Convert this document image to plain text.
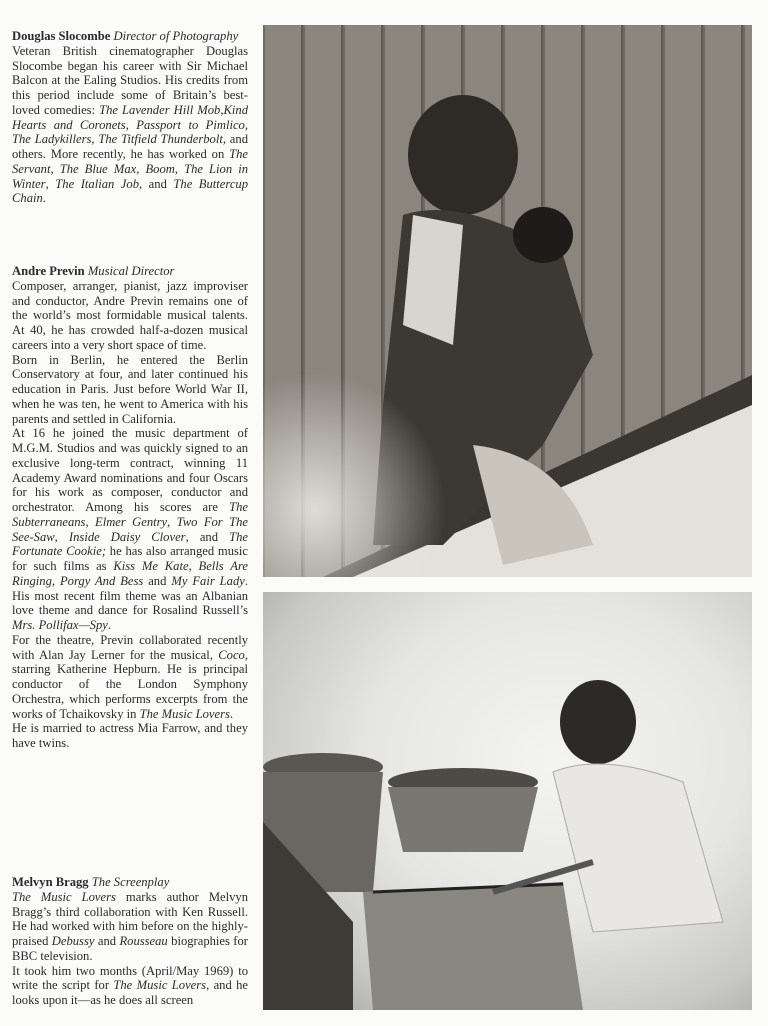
Douglas Slocombe Director of Photography

Veteran British cinematographer Douglas Slocombe began his career with Sir Michael Balcon at the Ealing Studios. His credits from this period include some of Britain’s best-loved comedies: The Lavender Hill Mob,Kind Hearts and Coronets, Passport to Pimlico, The Ladykillers, The Titfield Thunderbolt, and others. More recently, he has worked on The Servant, The Blue Max, Boom, The Lion in Winter, The Italian Job, and The Buttercup Chain.

Andre Previn Musical Director

Composer, arranger, pianist, jazz improviser and conductor, Andre Previn remains one of the world’s most formidable musical talents. At 40, he has crowded half-a-dozen musical careers into a very short space of time.

Born in Berlin, he entered the Berlin Conservatory at four, and later continued his education in Paris. Just before World War II, when he was ten, he went to America with his parents and settled in California.

At 16 he joined the music department of M.G.M. Studios and was quickly signed to an exclusive long-term contract, winning 11 Academy Award nominations and four Oscars for his work as composer, conductor and orchestrator. Among his scores are The Subterraneans, Elmer Gentry, Two For The See-Saw, Inside Daisy Clover, and The Fortunate Cookie; he has also arranged music for such films as Kiss Me Kate, Bells Are Ringing, Porgy And Bess and My Fair Lady. His most recent film theme was an Albanian love theme and dance for Rosalind Russell’s Mrs. Pollifax—Spy.

For the theatre, Previn collaborated recently with Alan Jay Lerner for the musical, Coco, starring Katherine Hepburn. He is principal conductor of the London Symphony Orchestra, which performs excerpts from the works of Tchaikovsky in The Music Lovers.

He is married to actress Mia Farrow, and they have twins.

Melvyn Bragg The Screenplay

The Music Lovers marks author Melvyn Bragg’s third collaboration with Ken Russell. He had worked with him before on the highly-praised Debussy and Rousseau biographies for BBC television.

It took him two months (April/May 1969) to write the script for The Music Lovers, and he looks upon it—as he does all screen
